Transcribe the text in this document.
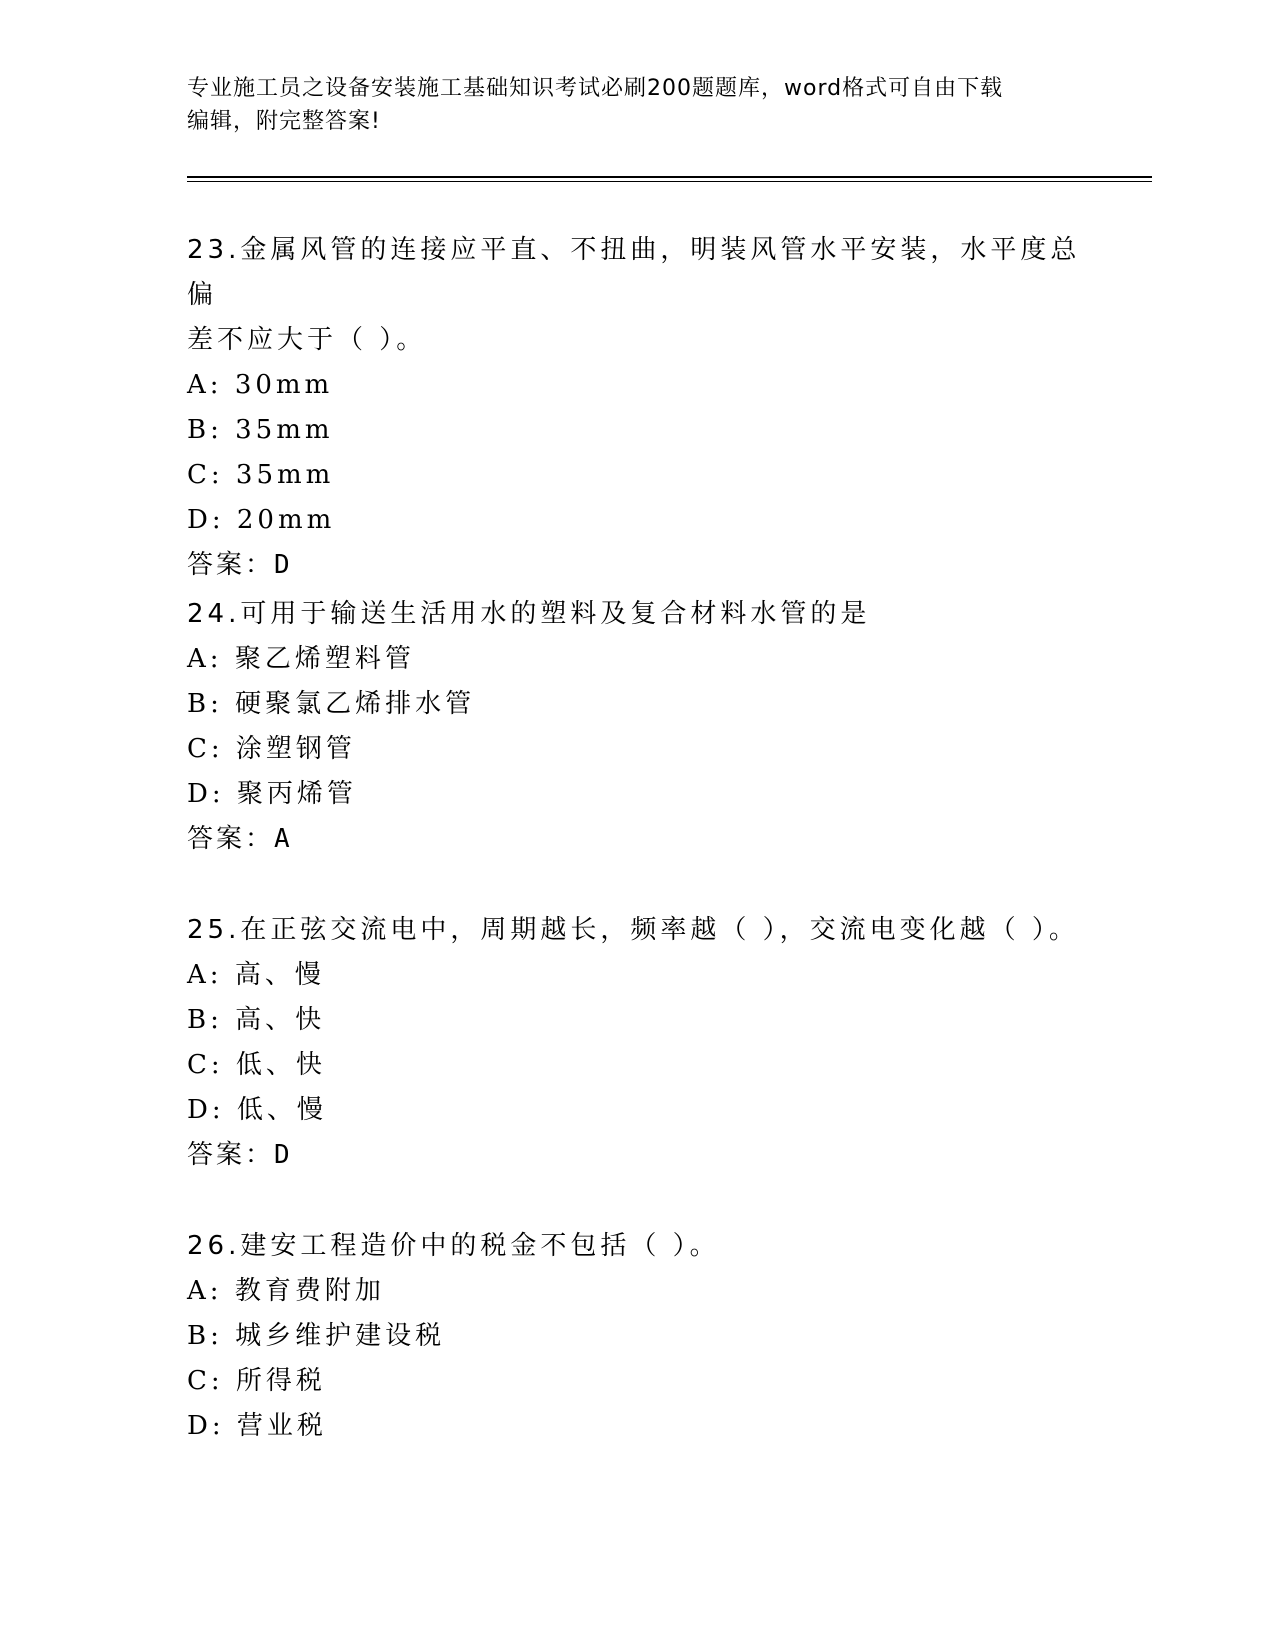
专业施工员之设备安装施工基础知识考试必刷200题题库，word格式可自由下载
编辑，附完整答案!

23.金属风管的连接应平直、不扭曲，明装风管水平安装，水平度总偏

差不应大于（ ）。

A: 30mm

B: 35mm

C: 35mm

D: 20mm

答案：D

24.可用于输送生活用水的塑料及复合材料水管的是

A: 聚乙烯塑料管

B: 硬聚氯乙烯排水管

C: 涂塑钢管

D: 聚丙烯管

答案：A

25.在正弦交流电中，周期越长，频率越（ ），交流电变化越（ ）。

A: 高、慢

B: 高、快

C: 低、快

D: 低、慢

答案：D

26.建安工程造价中的税金不包括（ ）。

A: 教育费附加

B: 城乡维护建设税

C: 所得税

D: 营业税
